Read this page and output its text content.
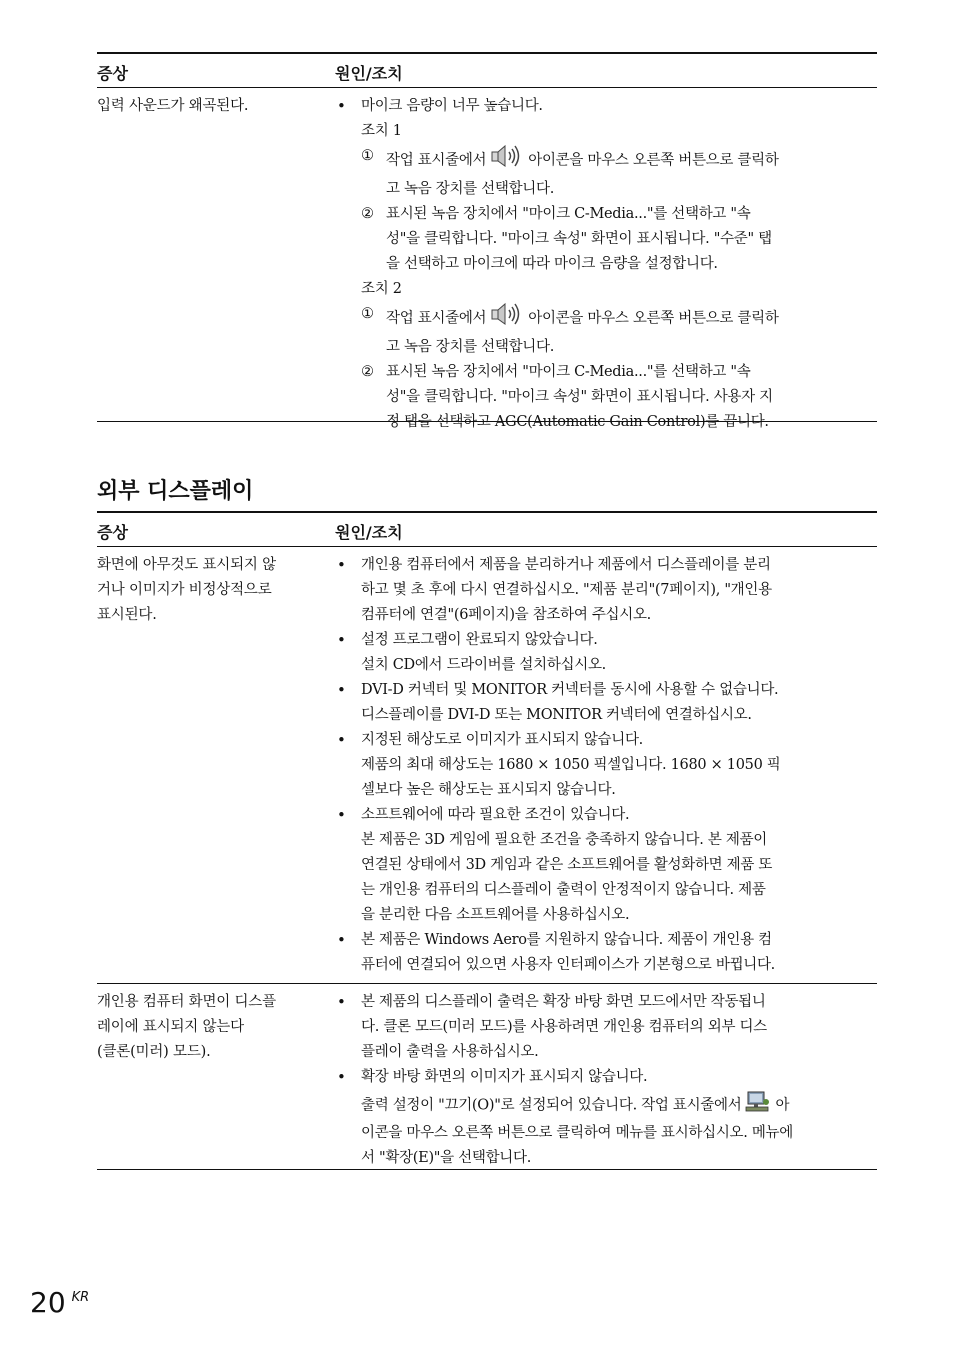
증상	원인/조치
입력 사운드가 왜곡된다.
•	마이크 음량이 너무 높습니다.
조치 1
① 작업 표시줄에서	아이콘을 마우스 오른쪽 버튼으로 클릭하
고 녹음 장치를 선택합니다.
② 표시된 녹음 장치에서 "마이크 C-Media..."를 선택하고 "속
성"을 클릭합니다. "마이크 속성" 화면이 표시됩니다. "수준" 탭
을 선택하고 마이크에 따라 마이크 음량을 설정합니다.
조치 2
① 작업 표시줄에서	아이콘을 마우스 오른쪽 버튼으로 클릭하
고 녹음 장치를 선택합니다.
② 표시된 녹음 장치에서 "마이크 C-Media..."를 선택하고 "속
성"을 클릭합니다. "마이크 속성" 화면이 표시됩니다. 사용자 지
정 탭을 선택하고 AGC(Automatic Gain Control)를 끕니다.
외부 디스플레이
증상	원인/조치
화면에 아무것도 표시되지 않
거나 이미지가 비정상적으로
표시된다.
• 개인용 컴퓨터에서 제품을 분리하거나 제품에서 디스플레이를 분리
하고 몇 초 후에 다시 연결하십시오. "제품 분리"(7페이지), "개인용
컴퓨터에 연결"(6페이지)을 참조하여 주십시오.
• 설정 프로그램이 완료되지 않았습니다.
설치 CD에서 드라이버를 설치하십시오.
• DVI-D 커넥터 및 MONITOR 커넥터를 동시에 사용할 수 없습니다.
디스플레이를 DVI-D 또는 MONITOR 커넥터에 연결하십시오.
• 지정된 해상도로 이미지가 표시되지 않습니다.
제품의 최대 해상도는 1680 × 1050 픽셀입니다. 1680 × 1050 픽
셀보다 높은 해상도는 표시되지 않습니다.
• 소프트웨어에 따라 필요한 조건이 있습니다.
본 제품은 3D 게임에 필요한 조건을 충족하지 않습니다. 본 제품이
연결된 상태에서 3D 게임과 같은 소프트웨어를 활성화하면 제품 또
는 개인용 컴퓨터의 디스플레이 출력이 안정적이지 않습니다. 제품
을 분리한 다음 소프트웨어를 사용하십시오.
• 본 제품은 Windows Aero를 지원하지 않습니다. 제품이 개인용 컴
퓨터에 연결되어 있으면 사용자 인터페이스가 기본형으로 바뀝니다.
개인용 컴퓨터 화면이 디스플
레이에 표시되지 않는다
(클론(미러) 모드).
• 본 제품의 디스플레이 출력은 확장 바탕 화면 모드에서만 작동됩니
다. 클론 모드(미러 모드)를 사용하려면 개인용 컴퓨터의 외부 디스
플레이 출력을 사용하십시오.
• 확장 바탕 화면의 이미지가 표시되지 않습니다.
출력 설정이 "끄기(O)"로 설정되어 있습니다. 작업 표시줄에서 아
이콘을 마우스 오른쪽 버튼으로 클릭하여 메뉴를 표시하십시오. 메뉴에
서 "확장(E)"을 선택합니다.
20 $^{KR}$
